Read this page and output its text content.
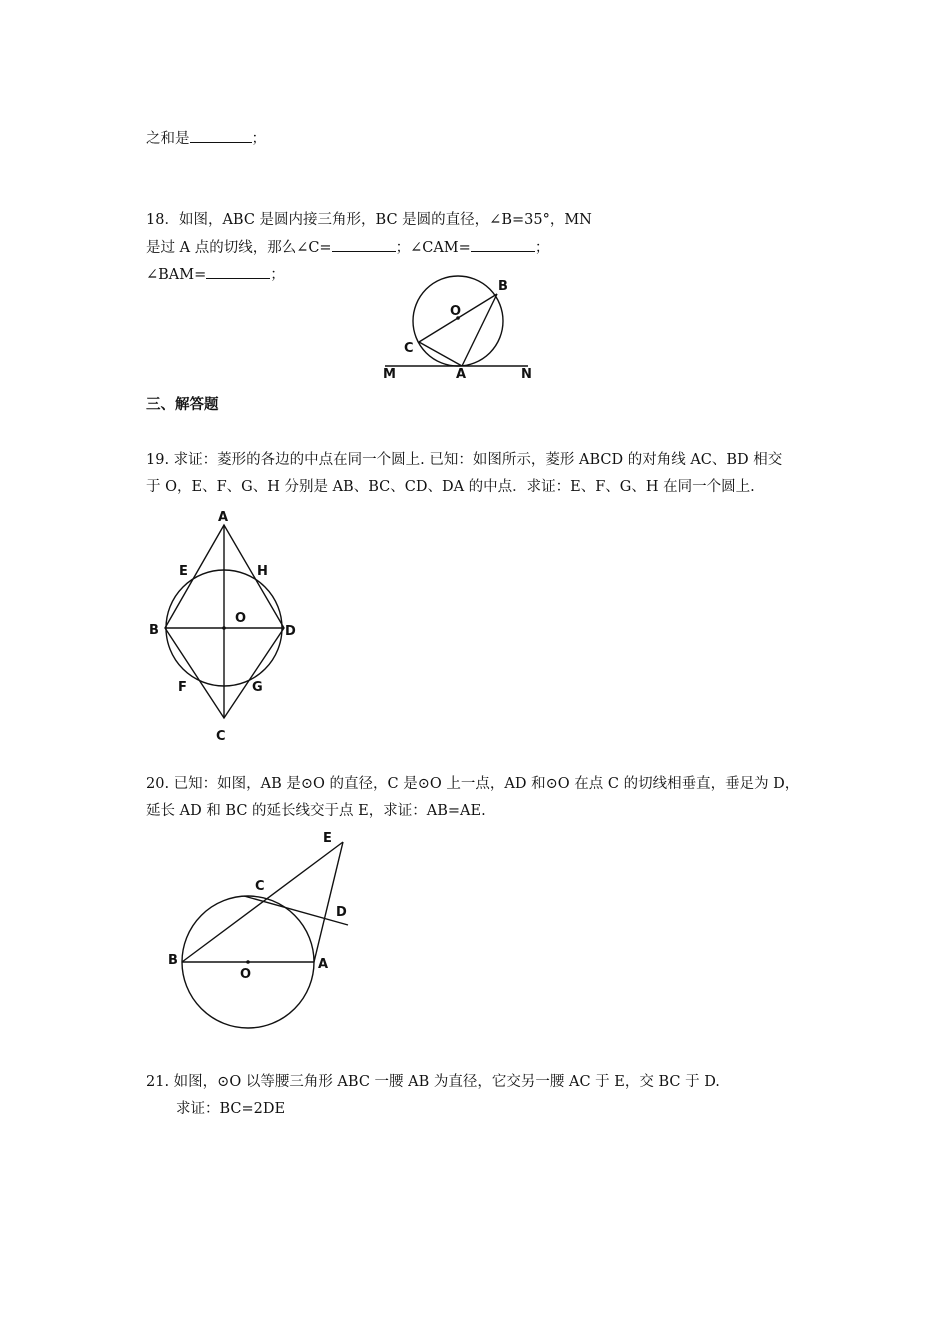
之和是	；
18．如图，ABC 是圆内接三角形，BC 是圆的直径，∠B=35°，MN
是过 A 点的切线，那么∠C=	；∠CAM=	；
∠BAM=	；
B
O
C
M	A	N
三、解答题
19. 求证：菱形的各边的中点在同一个圆上. 已知：如图所示，菱形 ABCD 的对角线 AC、BD 相交
于 O，E、F、G、H 分别是 AB、BC、CD、DA 的中点．求证：E、F、G、H 在同一个圆上.
A
E	H
B
O
D
F	G
C
20. 已知：如图，AB 是⊙O 的直径，C 是⊙O 上一点，AD 和⊙O 在点 C 的切线相垂直，垂足为 D，
延长 AD 和 BC 的延长线交于点 E，求证：AB=AE.
E
C
D
B
O
A
21. 如图，⊙O 以等腰三角形 ABC 一腰 AB 为直径，它交另一腰 AC 于 E，交 BC 于 D.
求证：BC=2DE
